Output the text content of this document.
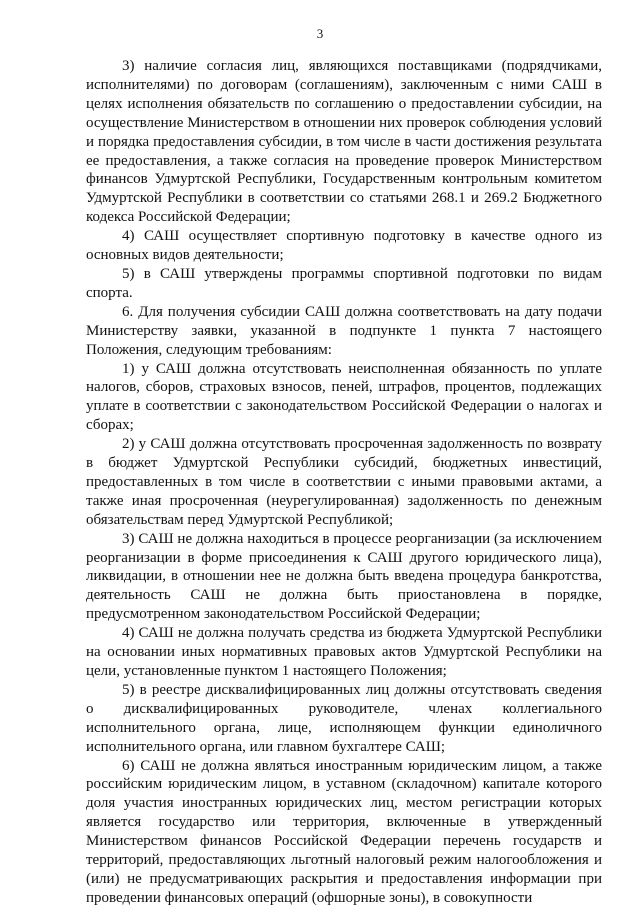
3

3) наличие согласия лиц, являющихся поставщиками (подрядчиками, исполнителями) по договорам (соглашениям), заключенным с ними САШ в целях исполнения обязательств по соглашению о предоставлении субсидии, на осуществление Министерством в отношении них проверок соблюдения условий и порядка предоставления субсидии, в том числе в части достижения результата ее предоставления, а также согласия на проведение проверок Министерством финансов Удмуртской Республики, Государственным контрольным комитетом Удмуртской Республики в соответствии со статьями 268.1 и 269.2 Бюджетного кодекса Российской Федерации;

4) САШ осуществляет спортивную подготовку в качестве одного из основных видов деятельности;

5) в САШ утверждены программы спортивной подготовки по видам спорта.

6. Для получения субсидии САШ должна соответствовать на дату подачи Министерству заявки, указанной в подпункте 1 пункта 7 настоящего Положения, следующим требованиям:

1) у САШ должна отсутствовать неисполненная обязанность по уплате налогов, сборов, страховых взносов, пеней, штрафов, процентов, подлежащих уплате в соответствии с законодательством Российской Федерации о налогах и сборах;

2) у САШ должна отсутствовать просроченная задолженность по возврату в бюджет Удмуртской Республики субсидий, бюджетных инвестиций, предоставленных в том числе в соответствии с иными правовыми актами, а также иная просроченная (неурегулированная) задолженность по денежным обязательствам перед Удмуртской Республикой;

3) САШ не должна находиться в процессе реорганизации (за исключением реорганизации в форме присоединения к САШ другого юридического лица), ликвидации, в отношении нее не должна быть введена процедура банкротства, деятельность САШ не должна быть приостановлена в порядке, предусмотренном законодательством Российской Федерации;

4) САШ не должна получать средства из бюджета Удмуртской Республики на основании иных нормативных правовых актов Удмуртской Республики на цели, установленные пунктом 1 настоящего Положения;

5) в реестре дисквалифицированных лиц должны отсутствовать сведения о дисквалифицированных руководителе, членах коллегиального исполнительного органа, лице, исполняющем функции единоличного исполнительного органа, или главном бухгалтере САШ;

6) САШ не должна являться иностранным юридическим лицом, а также российским юридическим лицом, в уставном (складочном) капитале которого доля участия иностранных юридических лиц, местом регистрации которых является государство или территория, включенные в утвержденный Министерством финансов Российской Федерации перечень государств и территорий, предоставляющих льготный налоговый режим налогообложения и (или) не предусматривающих раскрытия и предоставления информации при проведении финансовых операций (офшорные зоны), в совокупности
